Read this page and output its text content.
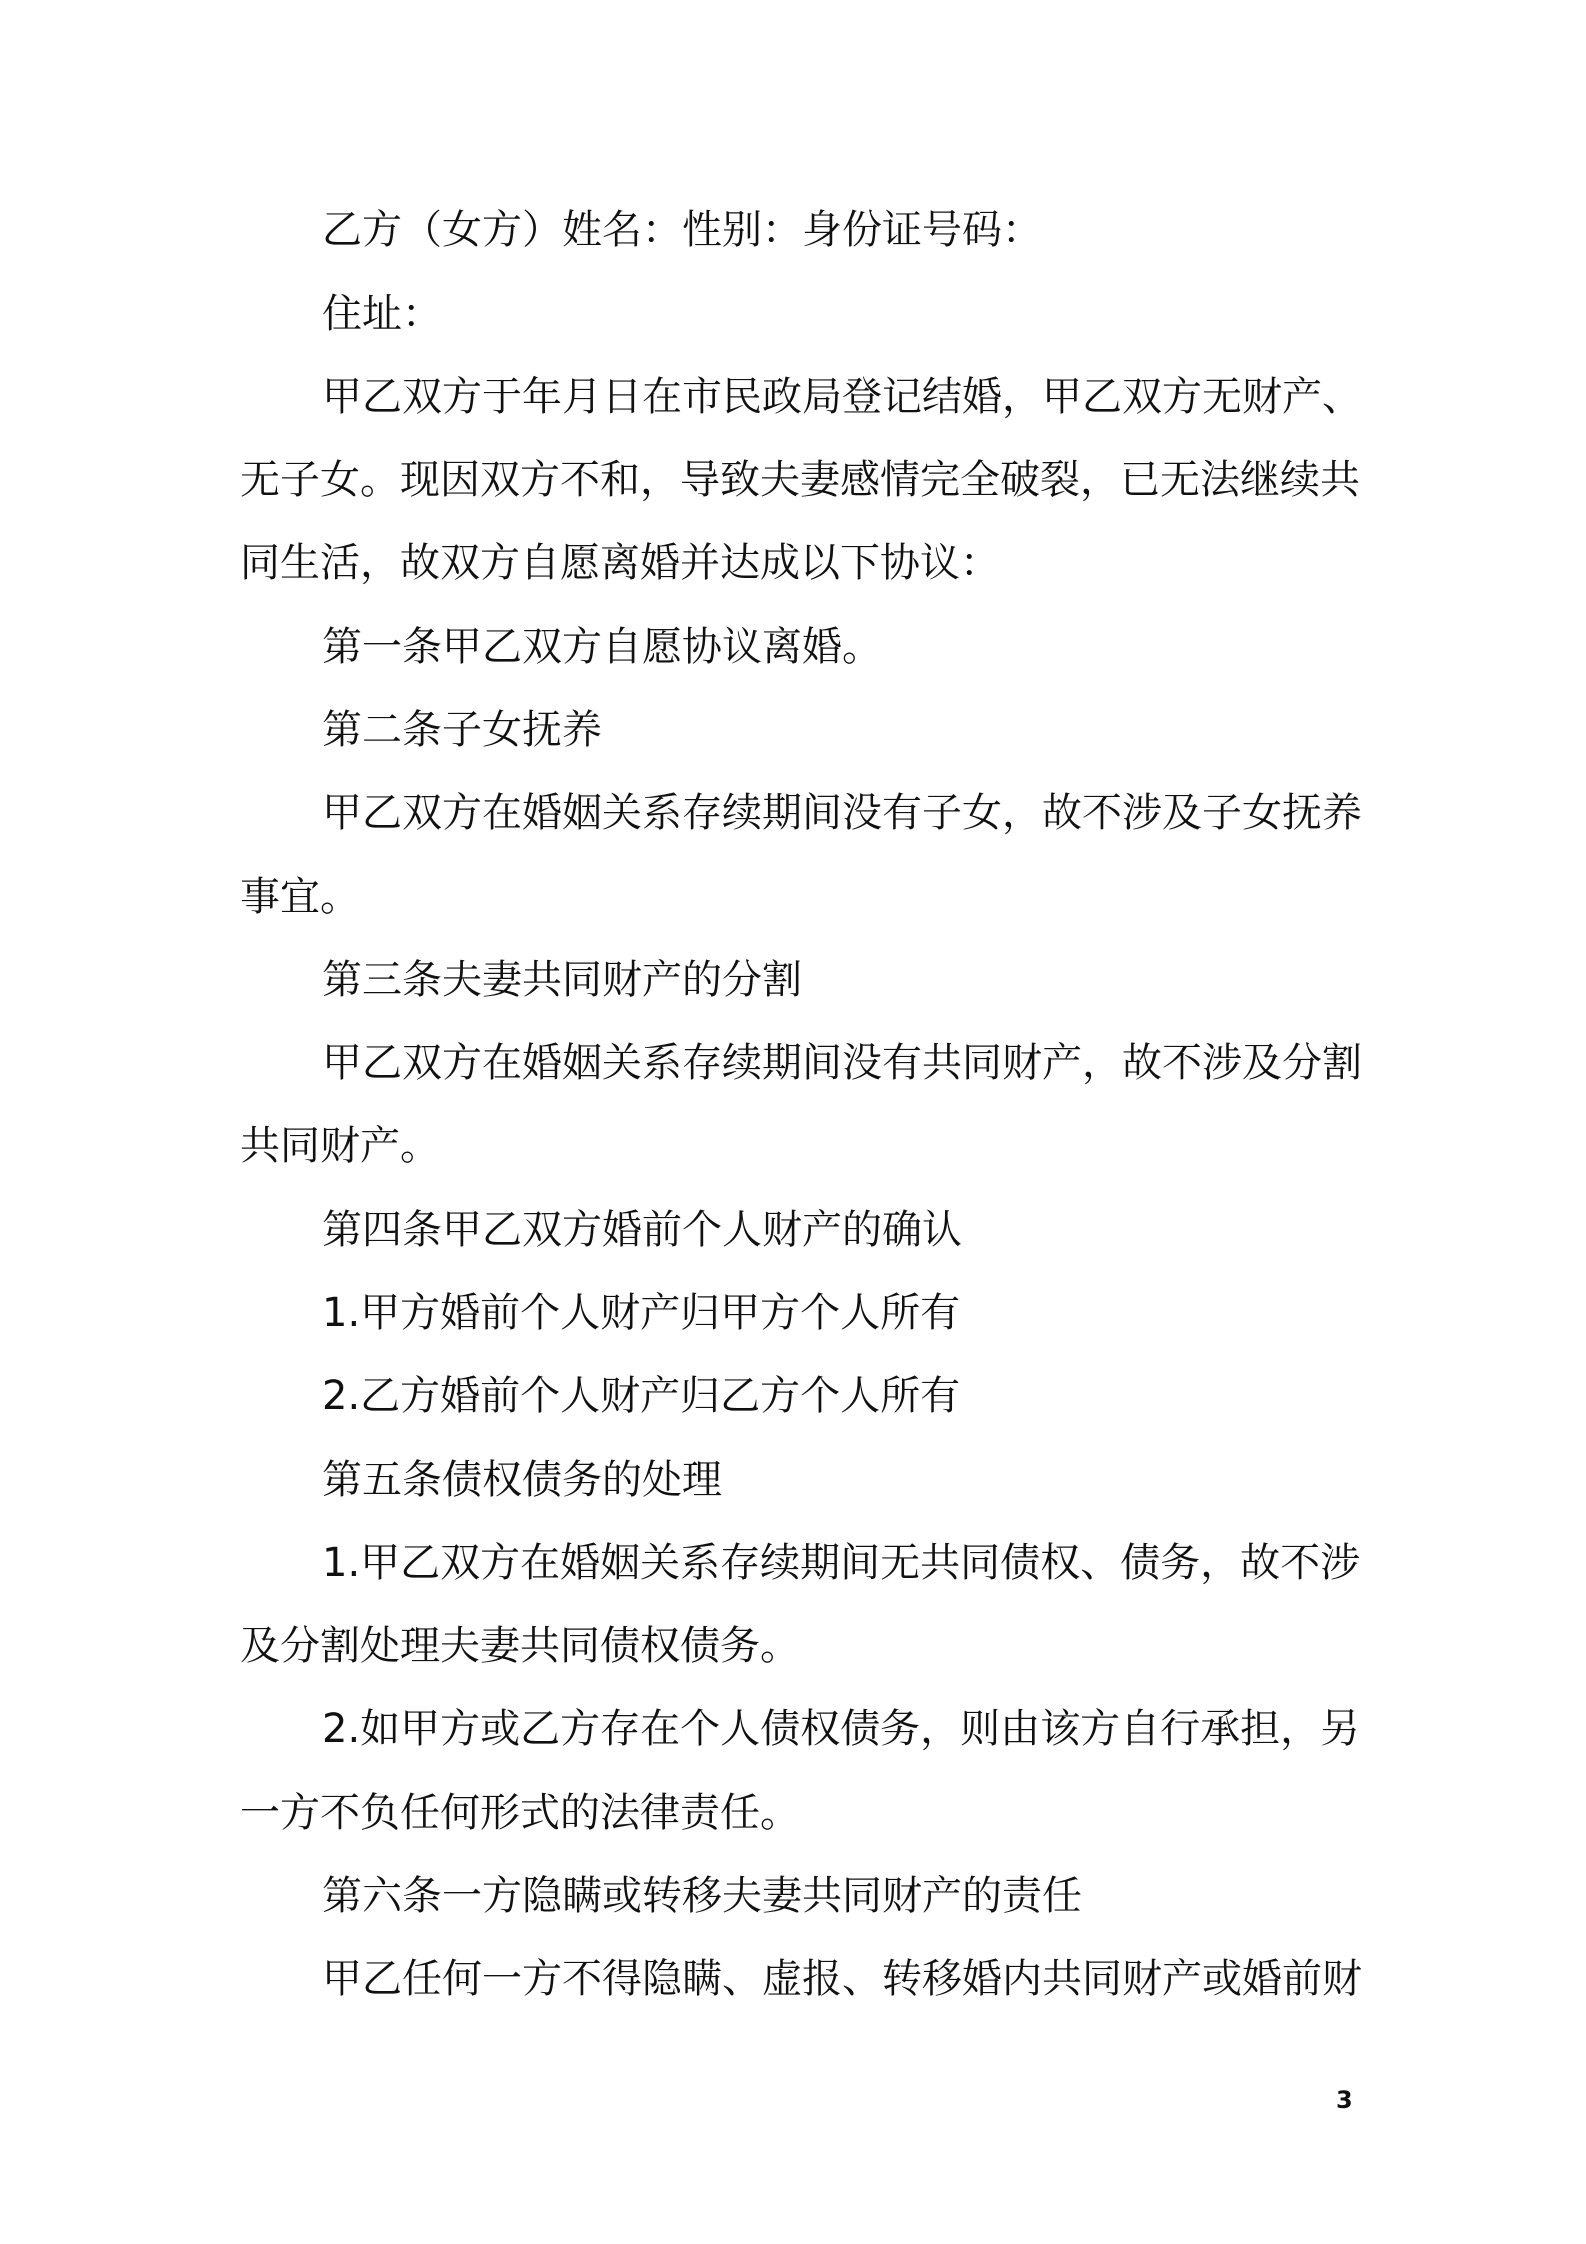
乙方（女方）姓名：性别：身份证号码：
住址：
甲乙双方于年月日在市民政局登记结婚，甲乙双方无财产、
无子女。现因双方不和，导致夫妻感情完全破裂，已无法继续共
同生活，故双方自愿离婚并达成以下协议：
第一条甲乙双方自愿协议离婚。
第二条子女抚养
甲乙双方在婚姻关系存续期间没有子女，故不涉及子女抚养
事宜。
第三条夫妻共同财产的分割
甲乙双方在婚姻关系存续期间没有共同财产，故不涉及分割
共同财产。
第四条甲乙双方婚前个人财产的确认
1.甲方婚前个人财产归甲方个人所有
2.乙方婚前个人财产归乙方个人所有
第五条债权债务的处理
1.甲乙双方在婚姻关系存续期间无共同债权、债务，故不涉
及分割处理夫妻共同债权债务。
2.如甲方或乙方存在个人债权债务，则由该方自行承担，另
一方不负任何形式的法律责任。
第六条一方隐瞒或转移夫妻共同财产的责任
甲乙任何一方不得隐瞒、虚报、转移婚内共同财产或婚前财
3
